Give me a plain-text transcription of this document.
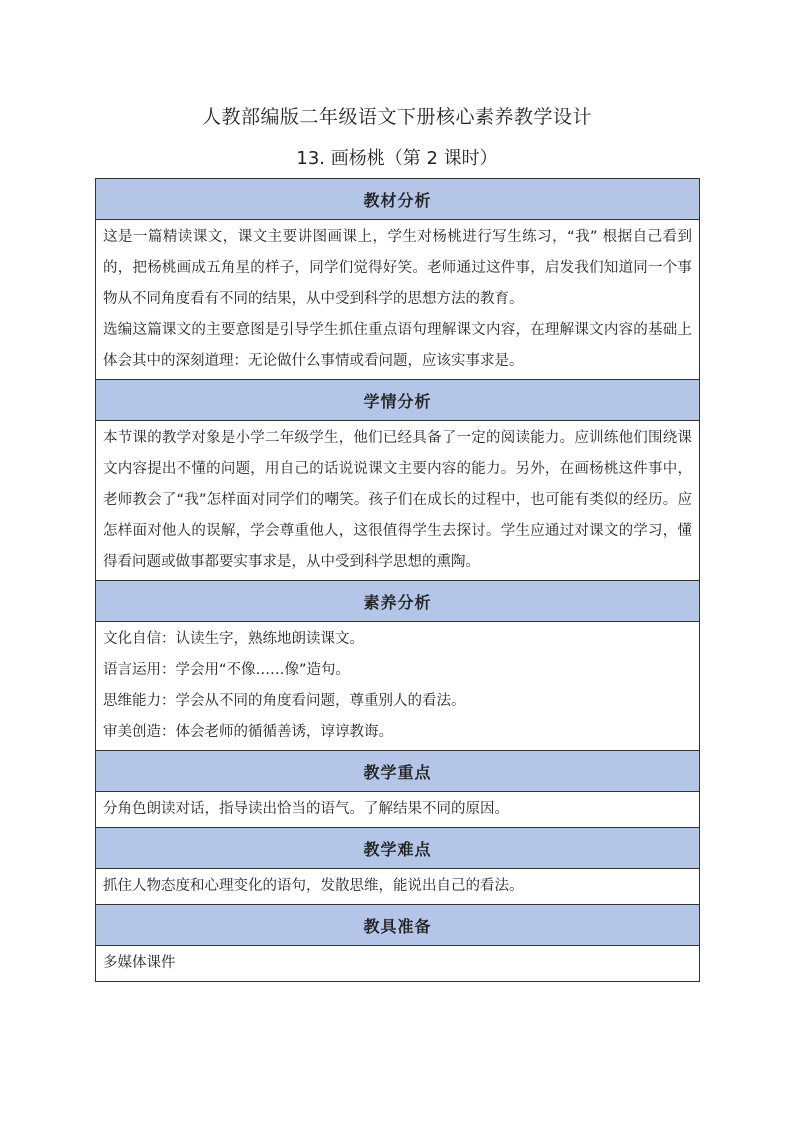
人教部编版二年级语文下册核心素养教学设计
13. 画杨桃（第 2 课时）
教材分析

这是一篇精读课文，课文主要讲图画课上，学生对杨桃进行写生练习，“我” 根据自己看到的，把杨桃画成五角星的样子，同学们觉得好笑。老师通过这件事，启发我们知道同一个事物从不同角度看有不同的结果，从中受到科学的思想方法的教育。

选编这篇课文的主要意图是引导学生抓住重点语句理解课文内容，在理解课文内容的基础上体会其中的深刻道理：无论做什么事情或看问题，应该实事求是。

学情分析

本节课的教学对象是小学二年级学生，他们已经具备了一定的阅读能力。应训练他们围绕课文内容提出不懂的问题，用自己的话说说课文主要内容的能力。另外，在画杨桃这件事中，老师教会了“我”怎样面对同学们的嘲笑。孩子们在成长的过程中，也可能有类似的经历。应怎样面对他人的误解，学会尊重他人，这很值得学生去探讨。学生应通过对课文的学习，懂得看问题或做事都要实事求是，从中受到科学思想的熏陶。

素养分析

文化自信：认读生字，熟练地朗读课文。

语言运用：学会用“不像……像”造句。

思维能力：学会从不同的角度看问题，尊重别人的看法。

审美创造：体会老师的循循善诱，谆谆教诲。

教学重点

分角色朗读对话，指导读出恰当的语气。了解结果不同的原因。

教学难点

抓住人物态度和心理变化的语句，发散思维，能说出自己的看法。

教具准备

多媒体课件
